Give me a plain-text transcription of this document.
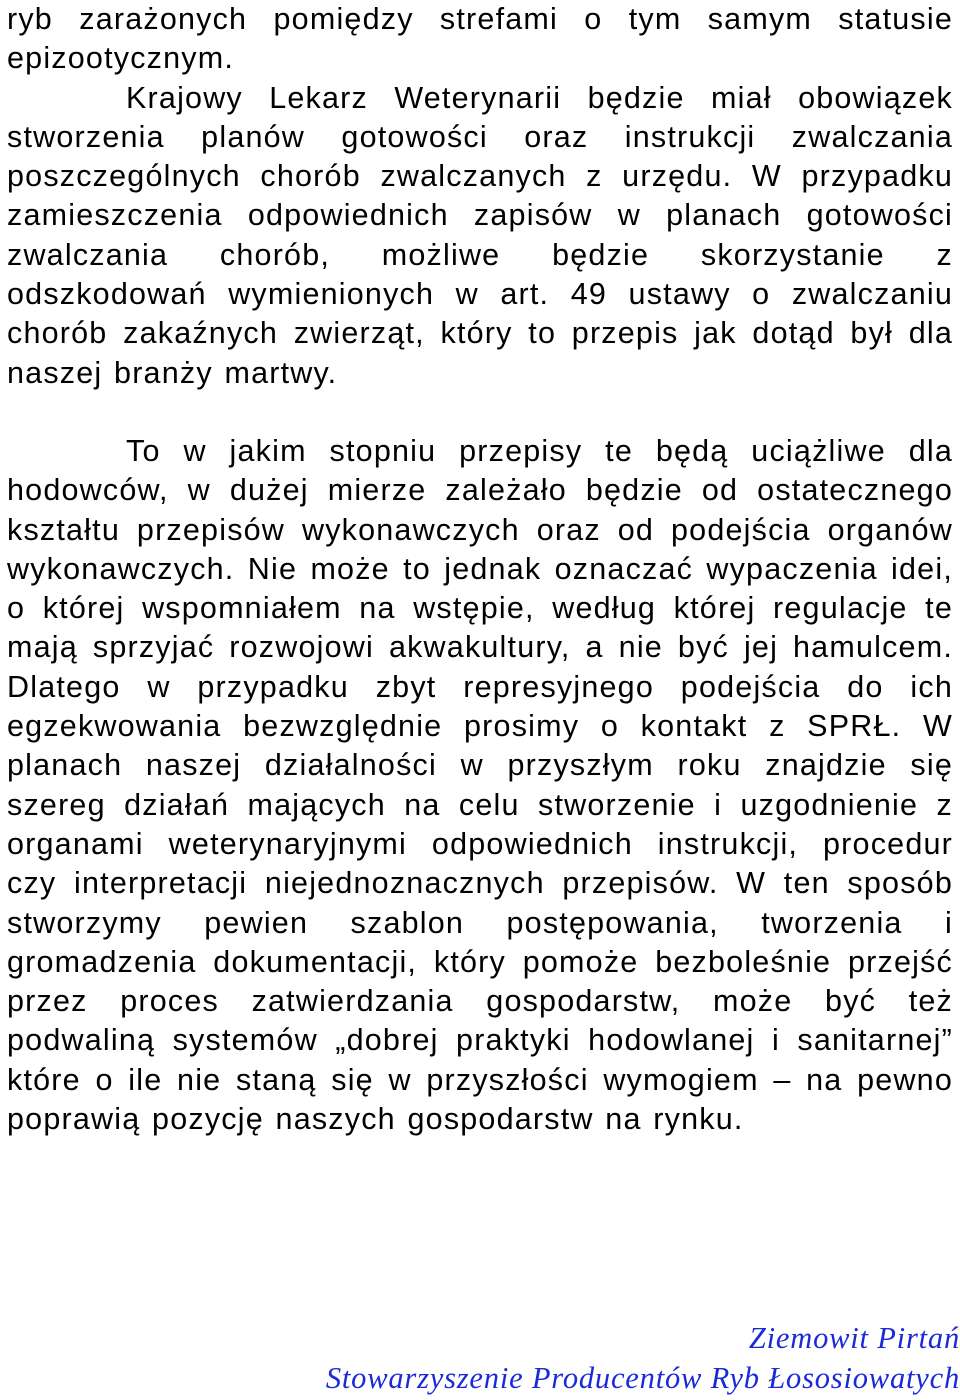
ryb zarażonych pomiędzy strefami o tym samym statusie epizootycznym.
Krajowy Lekarz Weterynarii będzie miał obowiązek stworzenia planów gotowości oraz instrukcji zwalczania poszczególnych chorób zwalczanych z urzędu. W przypadku zamieszczenia odpowiednich zapisów w planach gotowości zwalczania chorób, możliwe będzie skorzystanie z odszkodowań wymienionych w art. 49 ustawy o zwalczaniu chorób zakaźnych zwierząt, który to przepis jak dotąd był dla naszej branży martwy.

To w jakim stopniu przepisy te będą uciążliwe dla hodowców, w dużej mierze zależało będzie od ostatecznego kształtu przepisów wykonawczych oraz od podejścia organów wykonawczych. Nie może to jednak oznaczać wypaczenia idei, o której wspomniałem na wstępie, według której regulacje te mają sprzyjać rozwojowi akwakultury, a nie być jej hamulcem. Dlatego w przypadku zbyt represyjnego podejścia do ich egzekwowania bezwzględnie prosimy o kontakt z SPRŁ. W planach naszej działalności w przyszłym roku znajdzie się szereg działań mających na celu stworzenie i uzgodnienie z organami weterynaryjnymi odpowiednich instrukcji, procedur czy interpretacji niejednoznacznych przepisów. W ten sposób stworzymy pewien szablon postępowania, tworzenia i gromadzenia dokumentacji, który pomoże bezboleśnie przejść przez proces zatwierdzania gospodarstw, może być też podwaliną systemów „dobrej praktyki hodowlanej i sanitarnej” które o ile nie staną się w przyszłości wymogiem – na pewno poprawią pozycję naszych gospodarstw na rynku.

Ziemowit Pirtań
Stowarzyszenie Producentów Ryb Łososiowatych
